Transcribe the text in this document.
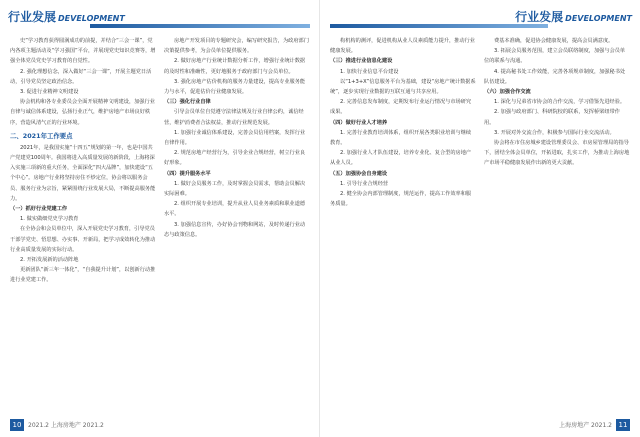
行业发展 DEVELOPMENT

史”学习教育获得圆满成功的前提，并结合“三会一课”，党内各项主题活动及“学习强国”平台，并展现党史知识竞赛等，增强全体党员党史学习教育的自觉性。

2. 强化理想信念，深入做好“三会一课”，开展主题党日活动，引导党员坚定政治信念。

3. 促进行业精神文明建设

协会机构和各专业委员会全面开展精神文明建设，加强行业自律与诚信体系建设，弘扬行业正气，维护房地产市场良好秩序，营造风清气正的行业环境。

二、2021年工作要点

2021年，是我国实施“十四五”规划的第一年，也是中国共产党建党100周年。我国将进入高质量发展的新阶段，上海将深入实施三项新的重大任务，全面深化“四大品牌”，加快建设“五个中心”。房地产行业将坚持房住不炒定位，协会将以服务会员、服务行业为宗旨，紧紧围绕行业发展大局，不断提高服务能力。

（一）抓好行业党建工作

1. 做实做细党史学习教育

在全协会和会员单位中，深入开展党史学习教育，引导党员干部学党史、悟思想、办实事、开新局，把学习成效转化为推动行业高质量发展的实际行动。

2. 开拓发展新的活动阵地

更新团队“新三年一体化”，“自我提升计划”，以创新行动推进行业党建工作。

房地产开发项目的专题研究会，编写研究报告，为政府部门决策提供参考，为会员单位提供服务。

2. 做好房地产行业统计数据分析工作，增强行业统计数据的及时性和准确性，更好地服务于政府部门与会员单位。

3. 强化房地产估价机构的服务力量建设，提高专业服务能力与水平，促进估价行业健康发展。

（三）强化行业自律

引导会员单位自觉遵守法律法规及行业自律公约，诚信经营，维护消费者合法权益，推动行业规范发展。

1. 加强行业诚信体系建设，完善会员信用档案，发挥行业自律作用。

2. 规范房地产经营行为，引导企业合规经营，树立行业良好形象。

（四）提升服务水平

1. 做好会员服务工作，及时掌握会员需求，帮助会员解决实际困难。

2. 组织开展专业培训，提升从业人员业务素质和职业道德水平。

3. 加强信息宣传，办好协会刊物和网站，及时传递行业动态与政策信息。

10	2021.2 上海房地产 2021.2
行业发展 DEVELOPMENT

构机构的测评，促进机构从业人员素质能力提升，推动行业健康发展。

（三）推进行业信息化建设

1. 加快行业信息平台建设

以“1+3+X”信息服务平台为基础，建设“房地产统计数据系统”，逐步实现行业数据的互联互通与共享应用。

2. 完善信息发布制度，定期发布行业运行情况与市场研究成果。

（四）做好行业人才培养

1. 完善行业教育培训体系，组织开展各类职业培训与继续教育。

2. 加强行业人才队伍建设，培养专业化、复合型的房地产从业人员。

（五）加强协会自身建设

1. 引导行业合规经营

2. 健全协会内部管理制度，规范运作，提高工作效率和服务质量。

费基本准确，促进协会健康发展，提高会员满意度。

3. 拓展会员服务范围，建立会员联络制度，加强与会员单位的联系与沟通。

4. 提高秘书处工作效能，完善各项规章制度，加强秘书处队伍建设。

（六）加强合作交流

1. 深化与兄弟省市协会的合作交流，学习借鉴先进经验。

2. 加强与政府部门、科研院校的联系，发挥桥梁纽带作用。

3. 开展对外交流合作，积极参与国际行业交流活动。

协会将在市住房城乡建设管理委员会、市房屋管理局的指导下，团结全体会员单位，开拓进取，扎实工作，为推动上海房地产市场平稳健康发展作出新的更大贡献。

上海房地产 2021.2 11
